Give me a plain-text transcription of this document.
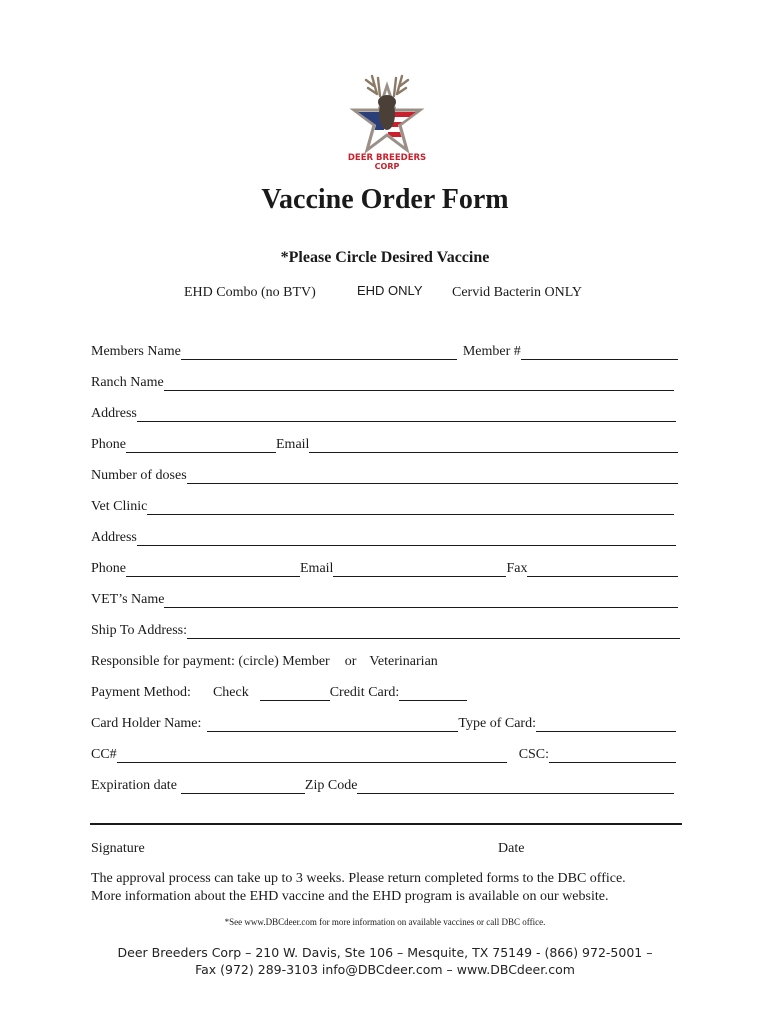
DEER BREEDERS
CORP
Vaccine Order Form
*Please Circle Desired Vaccine
EHD Combo (no BTV)	EHD ONLY Cervid Bacterin ONLY
Members Name	Member #
Ranch Name
Address
Phone	Email
Number of doses
Vet Clinic
Address
Phone	Email	Fax
VET’s Name
Ship To Address:
Responsible for payment: (circle) Member or Veterinarian
Payment Method: Check	Credit Card:
Card Holder Name:	Type of Card:
CC#	CSC:
Expiration date	Zip Code
Signature	Date
The approval process can take up to 3 weeks. Please return completed forms to the DBC office.
More information about the EHD vaccine and the EHD program is available on our website.
*See www.DBCdeer.com for more information on available vaccines or call DBC office.
Deer Breeders Corp – 210 W. Davis, Ste 106 – Mesquite, TX 75149 - (866) 972-5001 –
Fax (972) 289-3103 info@DBCdeer.com – www.DBCdeer.com
